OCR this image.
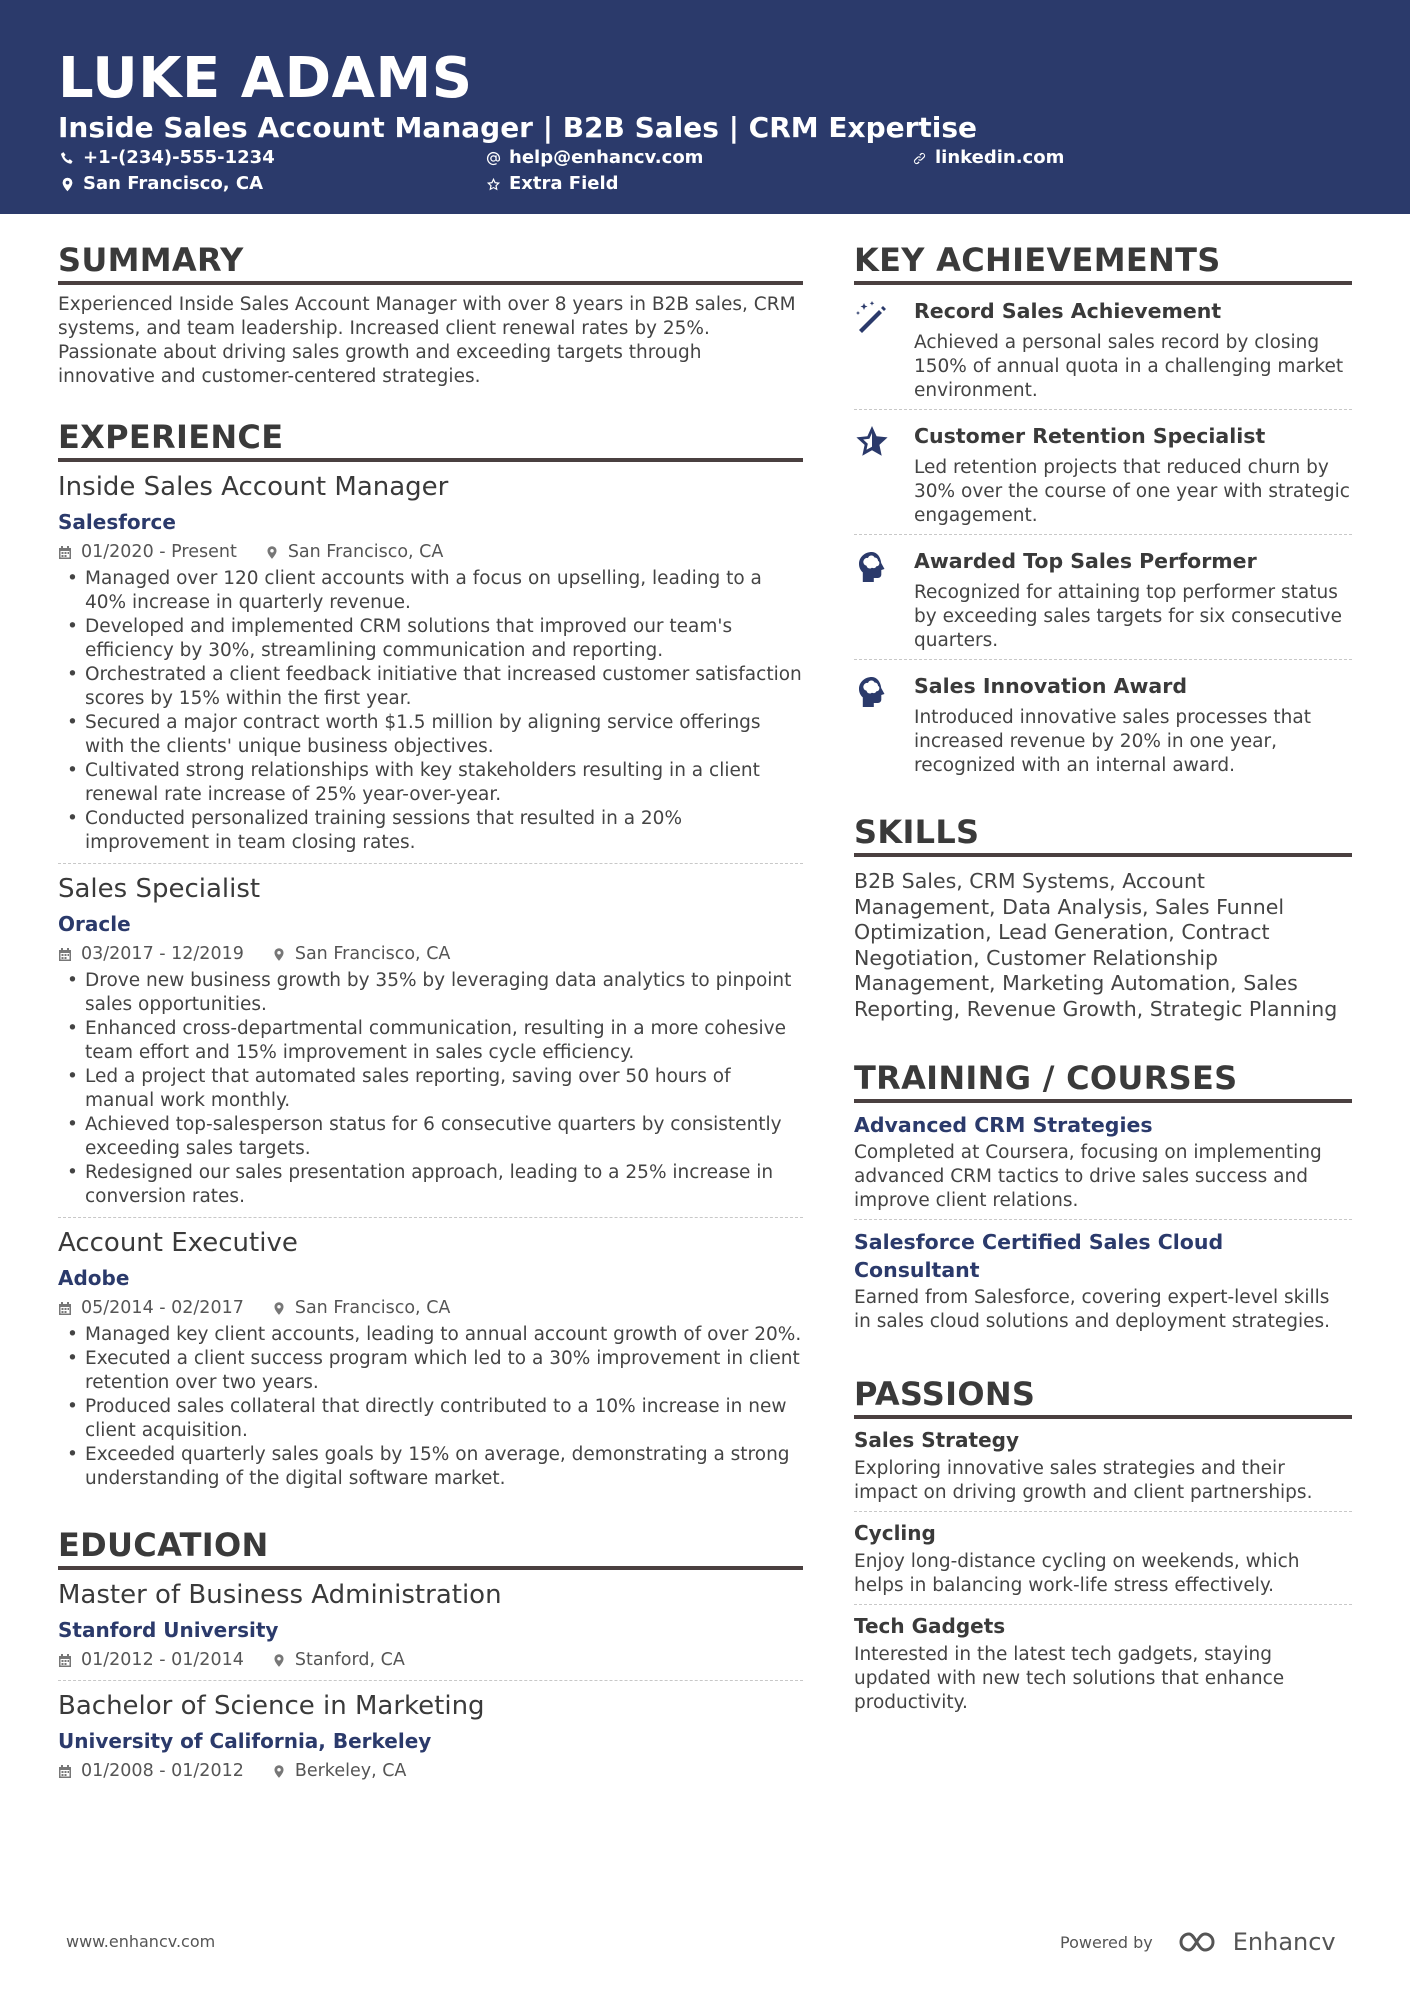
LUKE ADAMS
Inside Sales Account Manager | B2B Sales | CRM Expertise
+1-(234)-555-1234	help@enhancv.com	linkedin.com
San Francisco, CA	Extra Field
SUMMARY
Experienced Inside Sales Account Manager with over 8 years in B2B sales, CRM systems, and team leadership. Increased client renewal rates by 25%. Passionate about driving sales growth and exceeding targets through innovative and customer-centered strategies.
EXPERIENCE
Inside Sales Account Manager
Salesforce
01/2020 - Present	San Francisco, CA
• Managed over 120 client accounts with a focus on upselling, leading to a 40% increase in quarterly revenue.
• Developed and implemented CRM solutions that improved our team's efficiency by 30%, streamlining communication and reporting.
• Orchestrated a client feedback initiative that increased customer satisfaction scores by 15% within the first year.
• Secured a major contract worth $1.5 million by aligning service offerings with the clients' unique business objectives.
• Cultivated strong relationships with key stakeholders resulting in a client renewal rate increase of 25% year-over-year.
• Conducted personalized training sessions that resulted in a 20% improvement in team closing rates.
Sales Specialist
Oracle
03/2017 - 12/2019	San Francisco, CA
• Drove new business growth by 35% by leveraging data analytics to pinpoint sales opportunities.
• Enhanced cross-departmental communication, resulting in a more cohesive team effort and 15% improvement in sales cycle efficiency.
• Led a project that automated sales reporting, saving over 50 hours of manual work monthly.
• Achieved top-salesperson status for 6 consecutive quarters by consistently exceeding sales targets.
• Redesigned our sales presentation approach, leading to a 25% increase in conversion rates.
Account Executive
Adobe
05/2014 - 02/2017	San Francisco, CA
• Managed key client accounts, leading to annual account growth of over 20%.
• Executed a client success program which led to a 30% improvement in client retention over two years.
• Produced sales collateral that directly contributed to a 10% increase in new client acquisition.
• Exceeded quarterly sales goals by 15% on average, demonstrating a strong understanding of the digital software market.
EDUCATION
Master of Business Administration
Stanford University
01/2012 - 01/2014	Stanford, CA
Bachelor of Science in Marketing
University of California, Berkeley
01/2008 - 01/2012	Berkeley, CA
KEY ACHIEVEMENTS
Record Sales Achievement
Achieved a personal sales record by closing 150% of annual quota in a challenging market environment.
Customer Retention Specialist
Led retention projects that reduced churn by 30% over the course of one year with strategic engagement.
Awarded Top Sales Performer
Recognized for attaining top performer status by exceeding sales targets for six consecutive quarters.
Sales Innovation Award
Introduced innovative sales processes that increased revenue by 20% in one year, recognized with an internal award.
SKILLS
B2B Sales, CRM Systems, Account Management, Data Analysis, Sales Funnel Optimization, Lead Generation, Contract Negotiation, Customer Relationship Management, Marketing Automation, Sales Reporting, Revenue Growth, Strategic Planning
TRAINING / COURSES
Advanced CRM Strategies
Completed at Coursera, focusing on implementing advanced CRM tactics to drive sales success and improve client relations.
Salesforce Certified Sales Cloud Consultant
Earned from Salesforce, covering expert-level skills in sales cloud solutions and deployment strategies.
PASSIONS
Sales Strategy
Exploring innovative sales strategies and their impact on driving growth and client partnerships.
Cycling
Enjoy long-distance cycling on weekends, which helps in balancing work-life stress effectively.
Tech Gadgets
Interested in the latest tech gadgets, staying updated with new tech solutions that enhance productivity.
www.enhancv.com	Powered by	Enhancv
